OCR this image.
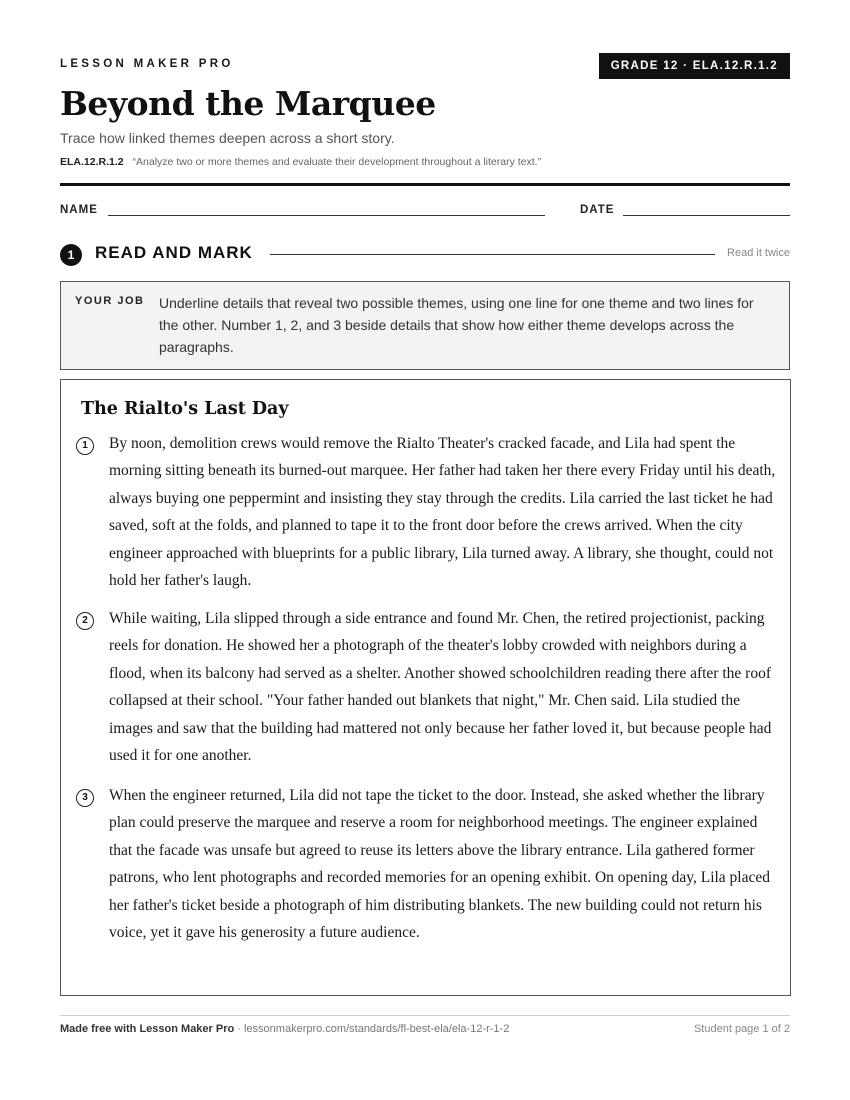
LESSON MAKER PRO	GRADE 12 · ELA.12.R.1.2
Beyond the Marquee
Trace how linked themes deepen across a short story.
ELA.12.R.1.2 “Analyze two or more themes and evaluate their development throughout a literary text.”
NAME	DATE
1	READ AND MARK	Read it twice
YOUR JOB Underline details that reveal two possible themes, using one line for one theme and two lines for the other. Number 1, 2, and 3 beside details that show how either theme develops across the paragraphs.
The Rialto's Last Day
1	By noon, demolition crews would remove the Rialto Theater's cracked facade, and Lila had spent the morning sitting beneath its burned-out marquee. Her father had taken her there every Friday until his death, always buying one peppermint and insisting they stay through the credits. Lila carried the last ticket he had saved, soft at the folds, and planned to tape it to the front door before the crews arrived. When the city engineer approached with blueprints for a public library, Lila turned away. A library, she thought, could not hold her father's laugh.

2	While waiting, Lila slipped through a side entrance and found Mr. Chen, the retired projectionist, packing reels for donation. He showed her a photograph of the theater's lobby crowded with neighbors during a flood, when its balcony had served as a shelter. Another showed schoolchildren reading there after the roof collapsed at their school. "Your father handed out blankets that night," Mr. Chen said. Lila studied the images and saw that the building had mattered not only because her father loved it, but because people had used it for one another.

3	When the engineer returned, Lila did not tape the ticket to the door. Instead, she asked whether the library plan could preserve the marquee and reserve a room for neighborhood meetings. The engineer explained that the facade was unsafe but agreed to reuse its letters above the library entrance. Lila gathered former patrons, who lent photographs and recorded memories for an opening exhibit. On opening day, Lila placed her father's ticket beside a photograph of him distributing blankets. The new building could not return his voice, yet it gave his generosity a future audience.

Made free with Lesson Maker Pro · lessonmakerpro.com/standards/fl-best-ela/ela-12-r-1-2	Student page 1 of 2
